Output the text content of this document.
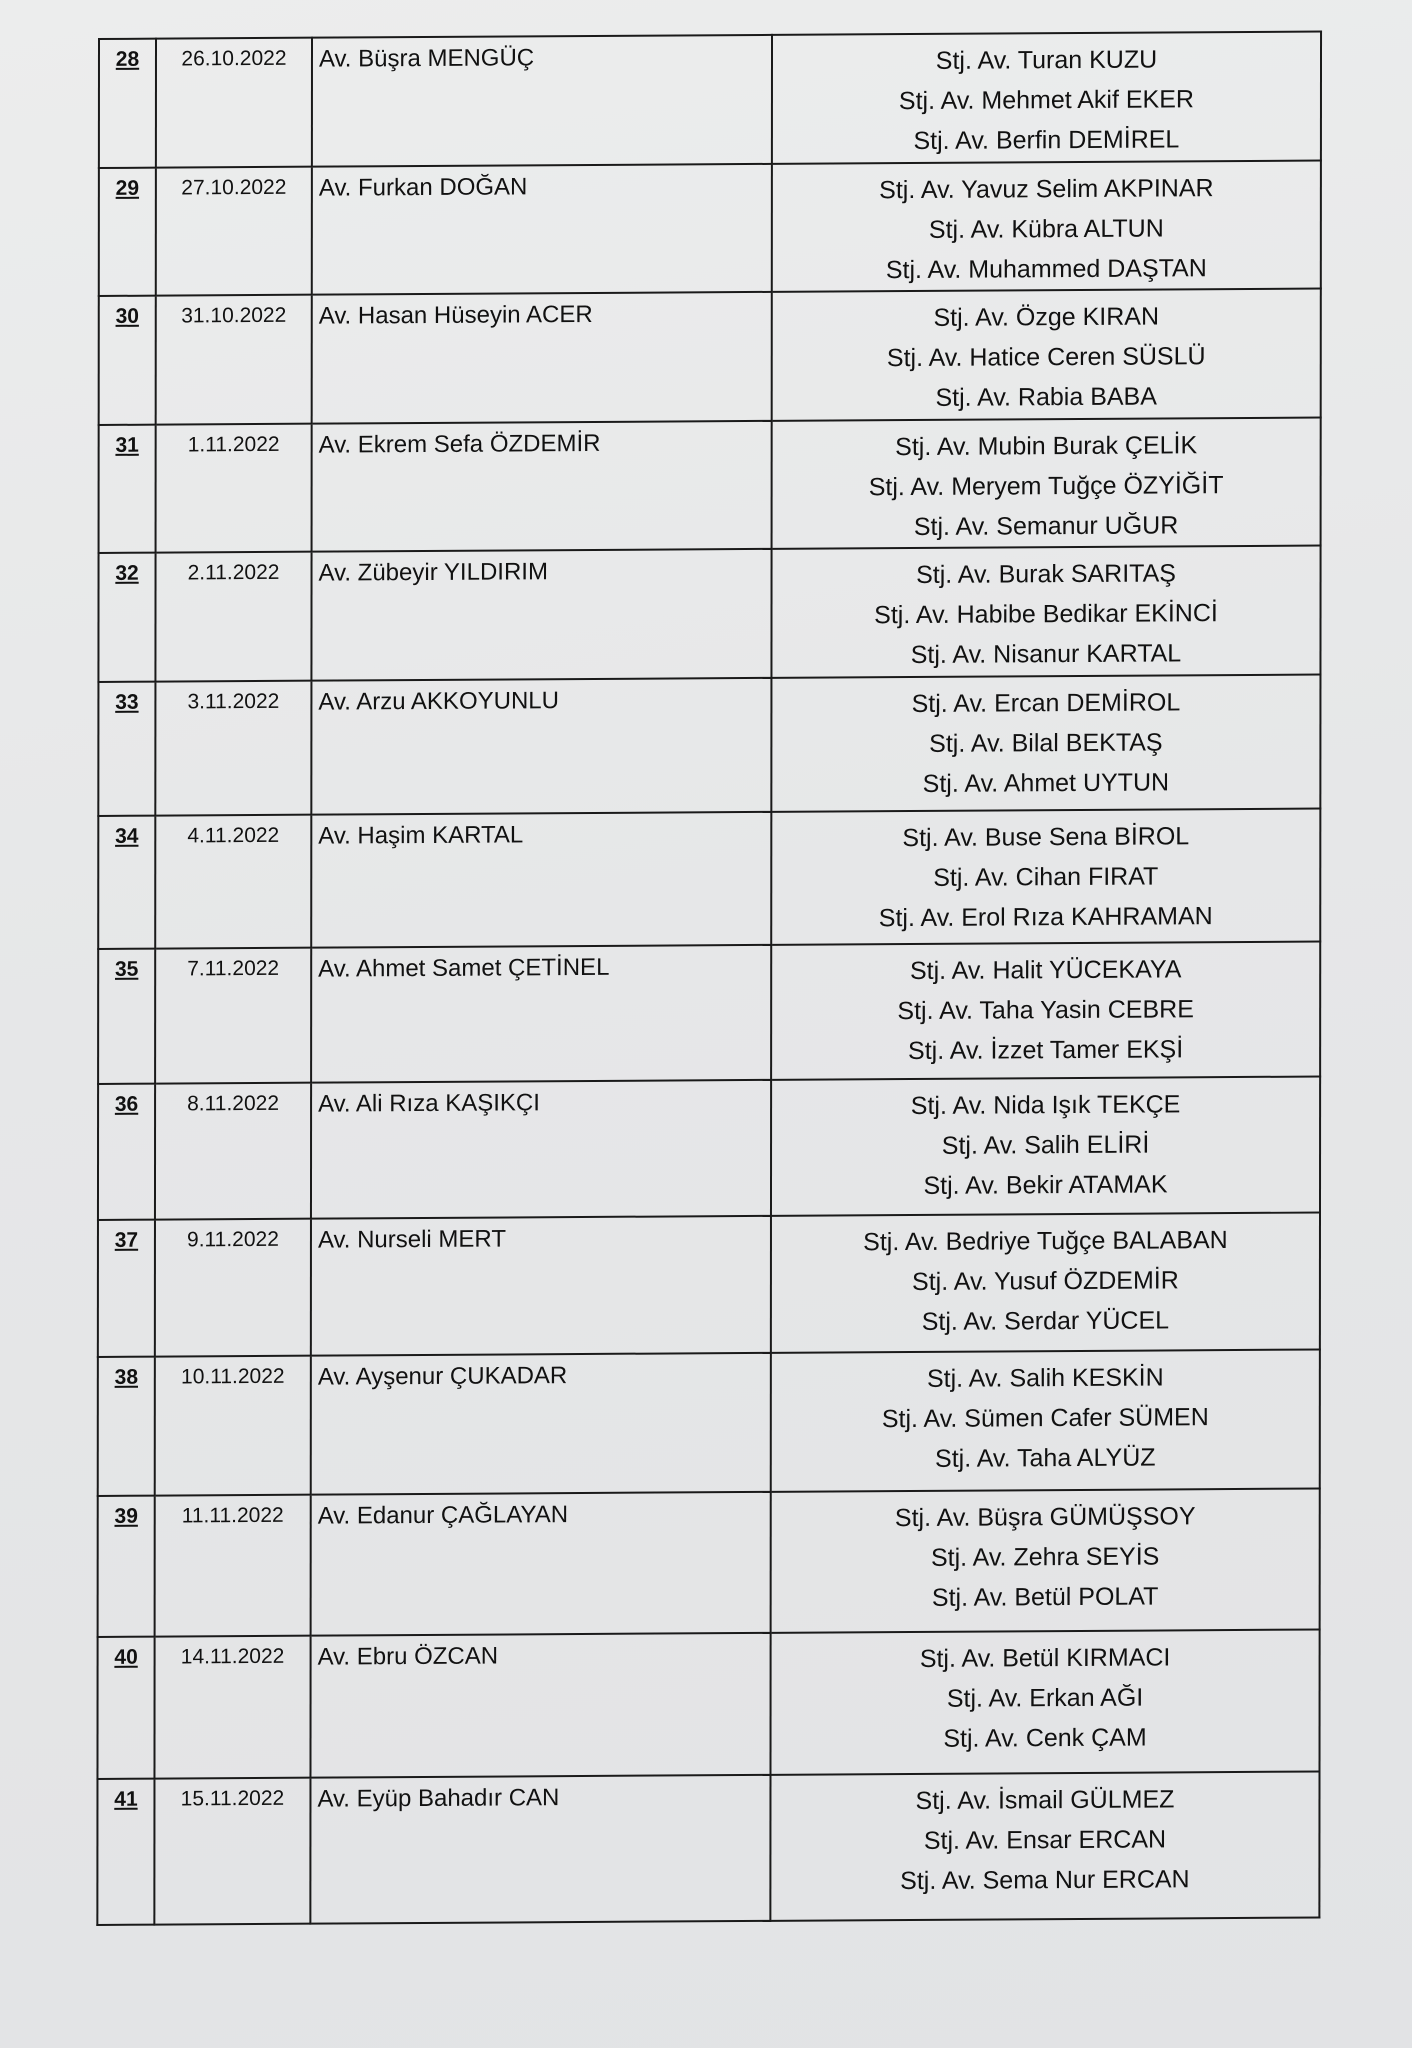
28	26.10.2022	Av. Büşra MENGÜÇ	Stj. Av. Turan KUZU
Stj. Av. Mehmet Akif EKER
Stj. Av. Berfin DEMİREL

29	27.10.2022	Av. Furkan DOĞAN	Stj. Av. Yavuz Selim AKPINAR
Stj. Av. Kübra ALTUN
Stj. Av. Muhammed DAŞTAN

30	31.10.2022	Av. Hasan Hüseyin ACER	Stj. Av. Özge KIRAN
Stj. Av. Hatice Ceren SÜSLÜ
Stj. Av. Rabia BABA

31	1.11.2022	Av. Ekrem Sefa ÖZDEMİR	Stj. Av. Mubin Burak ÇELİK
Stj. Av. Meryem Tuğçe ÖZYİĞİT
Stj. Av. Semanur UĞUR

32	2.11.2022	Av. Zübeyir YILDIRIM	Stj. Av. Burak SARITAŞ
Stj. Av. Habibe Bedikar EKİNCİ
Stj. Av. Nisanur KARTAL

33	3.11.2022	Av. Arzu AKKOYUNLU	Stj. Av. Ercan DEMİROL
Stj. Av. Bilal BEKTAŞ
Stj. Av. Ahmet UYTUN

34	4.11.2022	Av. Haşim KARTAL	Stj. Av. Buse Sena BİROL
Stj. Av. Cihan FIRAT
Stj. Av. Erol Rıza KAHRAMAN

35	7.11.2022	Av. Ahmet Samet ÇETİNEL	Stj. Av. Halit YÜCEKAYA
Stj. Av. Taha Yasin CEBRE
Stj. Av. İzzet Tamer EKŞİ

36	8.11.2022	Av. Ali Rıza KAŞIKÇI	Stj. Av. Nida Işık TEKÇE
Stj. Av. Salih ELİRİ
Stj. Av. Bekir ATAMAK

37	9.11.2022	Av. Nurseli MERT	Stj. Av. Bedriye Tuğçe BALABAN
Stj. Av. Yusuf ÖZDEMİR
Stj. Av. Serdar YÜCEL

38	10.11.2022	Av. Ayşenur ÇUKADAR	Stj. Av. Salih KESKİN
Stj. Av. Sümen Cafer SÜMEN
Stj. Av. Taha ALYÜZ

39	11.11.2022	Av. Edanur ÇAĞLAYAN	Stj. Av. Büşra GÜMÜŞSOY
Stj. Av. Zehra SEYİS
Stj. Av. Betül POLAT

40	14.11.2022	Av. Ebru ÖZCAN	Stj. Av. Betül KIRMACI
Stj. Av. Erkan AĞI
Stj. Av. Cenk ÇAM

41	15.11.2022	Av. Eyüp Bahadır CAN	Stj. Av. İsmail GÜLMEZ
Stj. Av. Ensar ERCAN
Stj. Av. Sema Nur ERCAN
